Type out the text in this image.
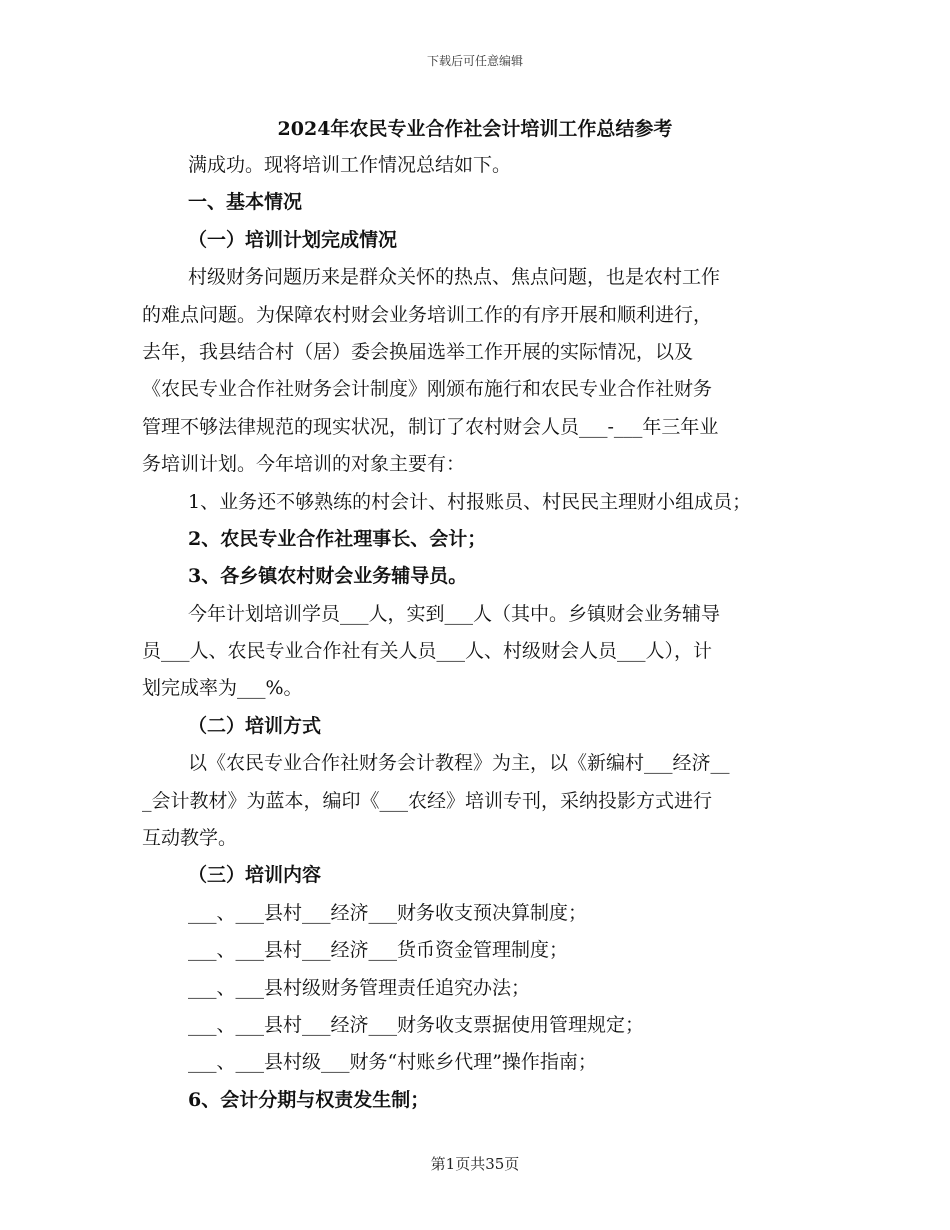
下载后可任意编辑
2024年农民专业合作社会计培训工作总结参考
满成功。现将培训工作情况总结如下。
一、基本情况
（一）培训计划完成情况
村级财务问题历来是群众关怀的热点、焦点问题，也是农村工作
的难点问题。为保障农村财会业务培训工作的有序开展和顺利进行，
去年，我县结合村（居）委会换届选举工作开展的实际情况，以及
《农民专业合作社财务会计制度》刚颁布施行和农民专业合作社财务
管理不够法律规范的现实状况，制订了农村财会人员___-___年三年业
务培训计划。今年培训的对象主要有：
1、业务还不够熟练的村会计、村报账员、村民民主理财小组成员；
2、农民专业合作社理事长、会计；
3、各乡镇农村财会业务辅导员。
今年计划培训学员___人，实到___人（其中。乡镇财会业务辅导
员___人、农民专业合作社有关人员___人、村级财会人员___人），计
划完成率为___%。
（二）培训方式
以《农民专业合作社财务会计教程》为主，以《新编村___经济__
_会计教材》为蓝本，编印《___农经》培训专刊，采纳投影方式进行
互动教学。
（三）培训内容
___、___县村___经济___财务收支预决算制度；
___、___县村___经济___货币资金管理制度；
___、___县村级财务管理责任追究办法；
___、___县村___经济___财务收支票据使用管理规定；
___、___县村级___财务“村账乡代理”操作指南；
6、会计分期与权责发生制；
第1页共35页
